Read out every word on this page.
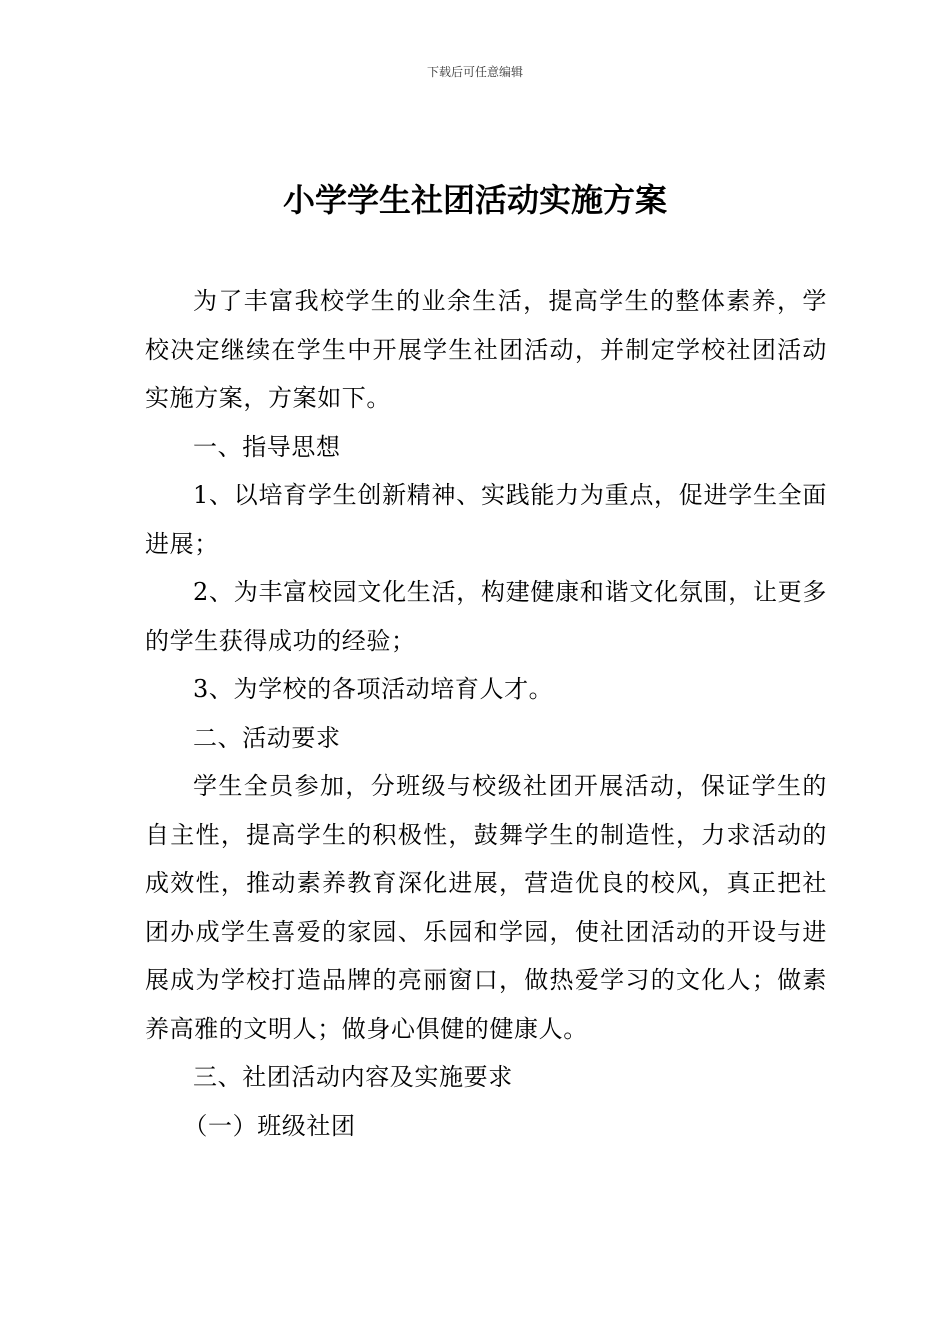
下载后可任意编辑
小学学生社团活动实施方案

为了丰富我校学生的业余生活，提高学生的整体素养，学校决定继续在学生中开展学生社团活动，并制定学校社团活动实施方案，方案如下。

一、指导思想

1、以培育学生创新精神、实践能力为重点，促进学生全面进展；

2、为丰富校园文化生活，构建健康和谐文化氛围，让更多的学生获得成功的经验；

3、为学校的各项活动培育人才。

二、活动要求

学生全员参加，分班级与校级社团开展活动，保证学生的自主性，提高学生的积极性，鼓舞学生的制造性，力求活动的成效性，推动素养教育深化进展，营造优良的校风，真正把社团办成学生喜爱的家园、乐园和学园，使社团活动的开设与进展成为学校打造品牌的亮丽窗口，做热爱学习的文化人；做素养高雅的文明人；做身心俱健的健康人。

三、社团活动内容及实施要求

（一）班级社团
